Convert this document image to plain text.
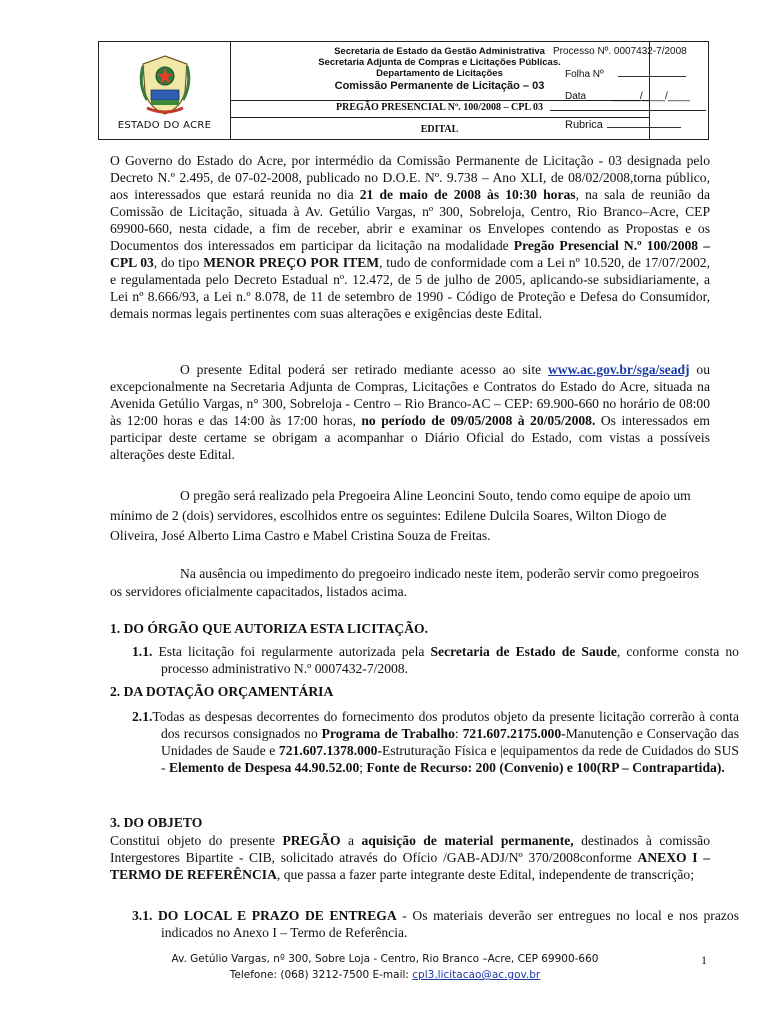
ESTADO DO ACRE
Secretaria de Estado da Gestão Administrativa
Secretaria Adjunta de Compras e Licitações Públicas.
Departamento de Licitações
Comissão Permanente de Licitação – 03
PREGÃO PRESENCIAL Nº. 100/2008 – CPL 03
EDITAL
Processo Nº. 0007432-7/2008
Folha Nº
Data	_____/____/____
Rubrica
O Governo do Estado do Acre, por intermédio da Comissão Permanente de Licitação - 03 designada pelo Decreto N.º 2.495, de 07-02-2008, publicado no D.O.E. Nº. 9.738 – Ano XLI, de 08/02/2008,torna público, aos interessados que estará reunida no dia 21 de maio de 2008 às 10:30 horas, na sala de reunião da Comissão de Licitação, situada à Av. Getúlio Vargas, nº 300, Sobreloja, Centro, Rio Branco–Acre, CEP 69900-660, nesta cidade, a fim de receber, abrir e examinar os Envelopes contendo as Propostas e os Documentos dos interessados em participar da licitação na modalidade Pregão Presencial N.º 100/2008 – CPL 03, do tipo MENOR PREÇO POR ITEM, tudo de conformidade com a Lei nº 10.520, de 17/07/2002, e regulamentada pelo Decreto Estadual nº. 12.472, de 5 de julho de 2005, aplicando-se subsidiariamente, a Lei nº 8.666/93, a Lei n.º 8.078, de 11 de setembro de 1990 - Código de Proteção e Defesa do Consumidor, demais normas legais pertinentes com suas alterações e exigências deste Edital.
O presente Edital poderá ser retirado mediante acesso ao site www.ac.gov.br/sga/seadj ou excepcionalmente na Secretaria Adjunta de Compras, Licitações e Contratos do Estado do Acre, situada na Avenida Getúlio Vargas, n° 300, Sobreloja - Centro – Rio Branco-AC – CEP: 69.900-660 no horário de 08:00 às 12:00 horas e das 14:00 às 17:00 horas, no período de 09/05/2008 à 20/05/2008. Os interessados em participar deste certame se obrigam a acompanhar o Diário Oficial do Estado, com vistas a possíveis alterações deste Edital.
O pregão será realizado pela Pregoeira Aline Leoncini Souto, tendo como equipe de apoio um mínimo de 2 (dois) servidores, escolhidos entre os seguintes: Edilene Dulcila Soares, Wilton Diogo de Oliveira, José Alberto Lima Castro e Mabel Cristina Souza de Freitas.
Na ausência ou impedimento do pregoeiro indicado neste item, poderão servir como pregoeiros os servidores oficialmente capacitados, listados acima.
1. DO ÓRGÃO QUE AUTORIZA ESTA LICITAÇÃO.
1.1. Esta licitação foi regularmente autorizada pela Secretaria de Estado de Saude, conforme consta no processo administrativo N.º 0007432-7/2008.
2. DA DOTAÇÃO ORÇAMENTÁRIA
2.1.Todas as despesas decorrentes do fornecimento dos produtos objeto da presente licitação correrão à conta dos recursos consignados no Programa de Trabalho: 721.607.2175.000-Manutenção e Conservação das Unidades de Saude e 721.607.1378.000-Estruturação Física e |equipamentos da rede de Cuidados do SUS - Elemento de Despesa 44.90.52.00; Fonte de Recurso: 200 (Convenio) e 100(RP – Contrapartida).
3. DO OBJETO
Constitui objeto do presente PREGÃO a aquisição de material permanente, destinados à comissão Intergestores Bipartite - CIB, solicitado através do Ofício /GAB-ADJ/Nº 370/2008conforme ANEXO I – TERMO DE REFERÊNCIA, que passa a fazer parte integrante deste Edital, independente de transcrição;
3.1. DO LOCAL E PRAZO DE ENTREGA - Os materiais deverão ser entregues no local e nos prazos indicados no Anexo I – Termo de Referência.
Av. Getúlio Vargas, nº 300, Sobre Loja - Centro, Rio Branco –Acre, CEP 69900-660
Telefone: (068) 3212-7500 E-mail: cpl3.licitacao@ac.gov.br
1
